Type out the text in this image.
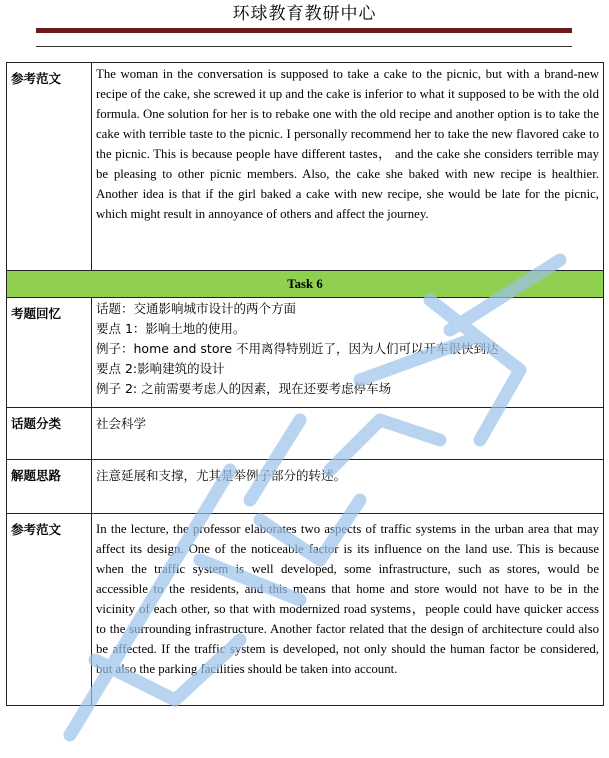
环球教育教研中心
参考范文	The woman in the conversation is supposed to take a cake to the picnic, but with a brand-new recipe of the cake, she screwed it up and the cake is inferior to what it supposed to be with the old formula. One solution for her is to rebake one with the old recipe and another option is to take the cake with terrible taste to the picnic. I personally recommend her to take the new flavored cake to the picnic. This is because people have different tastes， and the cake she considers terrible may be pleasing to other picnic members. Also, the cake she baked with new recipe is healthier. Another idea is that if the girl baked a cake with new recipe, she would be late for the picnic, which might result in annoyance of others and affect the journey.

Task 6	
考题回忆	话题：交通影响城市设计的两个方面
要点 1：影响土地的使用。
例子：home and store 不用离得特别近了，因为人们可以开车很快到达
要点 2:影响建筑的设计
例子 2: 之前需要考虑人的因素，现在还要考虑停车场

话题分类	社会科学

解题思路	注意延展和支撑，尤其是举例子部分的转述。

参考范文	In the lecture, the professor elaborates two aspects of traffic systems in the urban area that may affect its design. One of the noticeable factor is its influence on the land use. This is because when the traffic system is well developed, some infrastructure, such as stores, would be accessible to the residents, and this means that home and store would not have to be in the vicinity of each other, so that with modernized road systems，people could have quicker access to the surrounding infrastructure. Another factor related that the design of architecture could also be affected. If the traffic system is developed, not only should the human factor be considered, but also the parking facilities should be taken into account.
